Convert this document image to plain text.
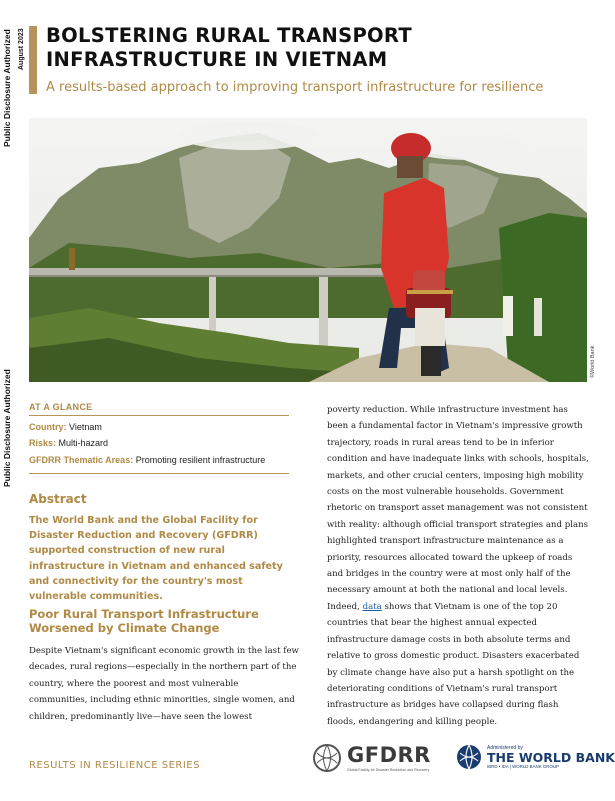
Public Disclosure Authorized
Public Disclosure Authorized
August 2023 BOLSTERING RURAL TRANSPORT INFRASTRUCTURE IN VIETNAM
A results-based approach to improving transport infrastructure for resilience
©World Bank
AT A GLANCE
Country: Vietnam
Risks: Multi-hazard
GFDRR Thematic Areas: Promoting resilient infrastructure
Abstract

The World Bank and the Global Facility for Disaster Reduction and Recovery (GFDRR) supported construction of new rural infrastructure in Vietnam and enhanced safety and connectivity for the country's most vulnerable communities.

Poor Rural Transport Infrastructure Worsened by Climate Change

Despite Vietnam's significant economic growth in the last few decades, rural regions—especially in the northern part of the country, where the poorest and most vulnerable communities, including ethnic minorities, single women, and children, predominantly live—have seen the lowest

poverty reduction. While infrastructure investment has been a fundamental factor in Vietnam's impressive growth trajectory, roads in rural areas tend to be in inferior condition and have inadequate links with schools, hospitals, markets, and other crucial centers, imposing high mobility costs on the most vulnerable households. Government rhetoric on transport asset management was not consistent with reality: although official transport strategies and plans highlighted transport infrastructure maintenance as a priority, resources allocated toward the upkeep of roads and bridges in the country were at most only half of the necessary amount at both the national and local levels. Indeed, data shows that Vietnam is one of the top 20 countries that bear the highest annual expected infrastructure damage costs in both absolute terms and relative to gross domestic product. Disasters exacerbated by climate change have also put a harsh spotlight on the deteriorating conditions of Vietnam's rural transport infrastructure as bridges have collapsed during flash floods, endangering and killing people.

RESULTS IN RESILIENCE SERIES	GFDRR
Global Facility for Disaster Reduction and Recovery
Administered by
THE WORLD BANK
IBRD • IDA | WORLD BANK GROUP
